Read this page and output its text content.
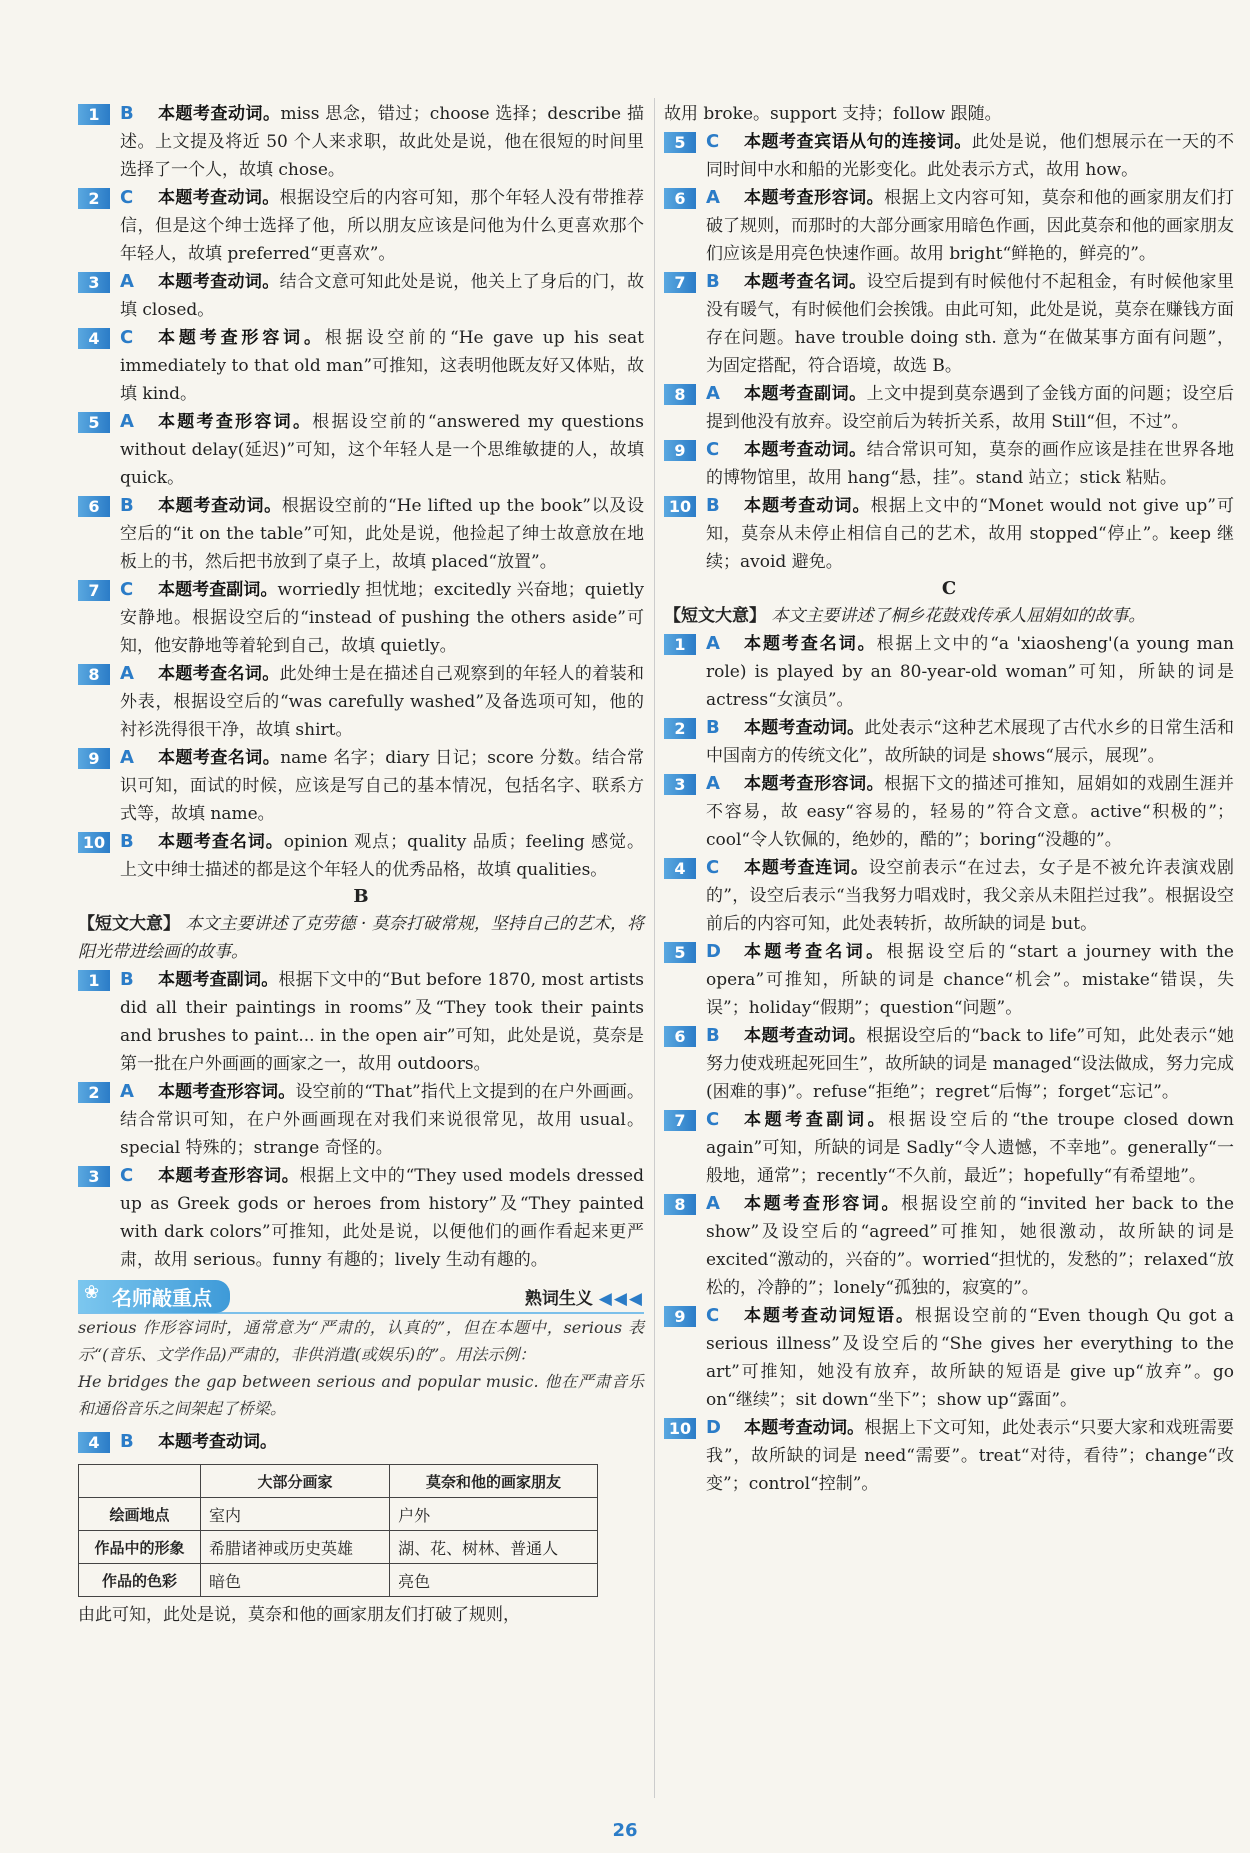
1	B	本题考查动词。miss 思念，错过；choose 选择；describe 描述。上文提及将近 50 个人来求职，故此处是说，他在很短的时间里选择了一个人，故填 chose。
2	C	本题考查动词。根据设空后的内容可知，那个年轻人没有带推荐信，但是这个绅士选择了他，所以朋友应该是问他为什么更喜欢那个年轻人，故填 preferred“更喜欢”。
3	A	本题考查动词。结合文意可知此处是说，他关上了身后的门，故填 closed。
4	C	本题考查形容词。根据设空前的“He gave up his seat immediately to that old man”可推知，这表明他既友好又体贴，故填 kind。
5	A	本题考查形容词。根据设空前的“answered my questions without delay(延迟)”可知，这个年轻人是一个思维敏捷的人，故填 quick。
6	B	本题考查动词。根据设空前的“He lifted up the book”以及设空后的“it on the table”可知，此处是说，他捡起了绅士故意放在地板上的书，然后把书放到了桌子上，故填 placed“放置”。
7	C	本题考查副词。worriedly 担忧地；excitedly 兴奋地；quietly 安静地。根据设空后的“instead of pushing the others aside”可知，他安静地等着轮到自己，故填 quietly。
8	A	本题考查名词。此处绅士是在描述自己观察到的年轻人的着装和外表，根据设空后的“was carefully washed”及备选项可知，他的衬衫洗得很干净，故填 shirt。
9	A	本题考查名词。name 名字；diary 日记；score 分数。结合常识可知，面试的时候，应该是写自己的基本情况，包括名字、联系方式等，故填 name。
10 B	本题考查名词。opinion 观点；quality 品质；feeling 感觉。上文中绅士描述的都是这个年轻人的优秀品格，故填 qualities。
B
【短文大意】 本文主要讲述了克劳德 · 莫奈打破常规，坚持自己的艺术，将阳光带进绘画的故事。
1	B	本题考查副词。根据下文中的“But before 1870, most artists did all their paintings in rooms”及“They took their paints and brushes to paint... in the open air”可知，此处是说，莫奈是第一批在户外画画的画家之一，故用 outdoors。
2	A	本题考查形容词。设空前的“That”指代上文提到的在户外画画。结合常识可知，在户外画画现在对我们来说很常见，故用 usual。special 特殊的；strange 奇怪的。
3	C	本题考查形容词。根据上文中的“They used models dressed up as Greek gods or heroes from history”及“They painted with dark colors”可推知，此处是说，以便他们的画作看起来更严肃，故用 serious。funny 有趣的；lively 生动有趣的。
❀ 名师敲重点	熟词生义 ◀◀◀
serious 作形容词时，通常意为“严肃的，认真的”，但在本题中，serious 表示“(音乐、文学作品)严肃的，非供消遣(或娱乐)的”。用法示例：
He bridges the gap between serious and popular music. 他在严肃音乐和通俗音乐之间架起了桥梁。
4	B	本题考查动词。
	大部分画家	莫奈和他的画家朋友
绘画地点	室内	户外
作品中的形象	希腊诸神或历史英雄	湖、花、树林、普通人
作品的色彩	暗色	亮色
由此可知，此处是说，莫奈和他的画家朋友们打破了规则，
故用 broke。support 支持；follow 跟随。
5	C	本题考查宾语从句的连接词。此处是说，他们想展示在一天的不同时间中水和船的光影变化。此处表示方式，故用 how。
6	A	本题考查形容词。根据上文内容可知，莫奈和他的画家朋友们打破了规则，而那时的大部分画家用暗色作画，因此莫奈和他的画家朋友们应该是用亮色快速作画。故用 bright“鲜艳的，鲜亮的”。
7	B	本题考查名词。设空后提到有时候他付不起租金，有时候他家里没有暖气，有时候他们会挨饿。由此可知，此处是说，莫奈在赚钱方面存在问题。have trouble doing sth. 意为“在做某事方面有问题”，为固定搭配，符合语境，故选 B。
8	A	本题考查副词。上文中提到莫奈遇到了金钱方面的问题；设空后提到他没有放弃。设空前后为转折关系，故用 Still“但，不过”。
9	C	本题考查动词。结合常识可知，莫奈的画作应该是挂在世界各地的博物馆里，故用 hang“悬，挂”。stand 站立；stick 粘贴。
10 B	本题考查动词。根据上文中的“Monet would not give up”可知，莫奈从未停止相信自己的艺术，故用 stopped“停止”。keep 继续；avoid 避免。
C
【短文大意】 本文主要讲述了桐乡花鼓戏传承人屈娟如的故事。
1	A	本题考查名词。根据上文中的“a 'xiaosheng'(a young man role) is played by an 80-year-old woman”可知，所缺的词是 actress“女演员”。
2	B	本题考查动词。此处表示“这种艺术展现了古代水乡的日常生活和中国南方的传统文化”，故所缺的词是 shows“展示，展现”。
3	A	本题考查形容词。根据下文的描述可推知，屈娟如的戏剧生涯并不容易，故 easy“容易的，轻易的”符合文意。active“积极的”；cool“令人钦佩的，绝妙的，酷的”；boring“没趣的”。
4	C	本题考查连词。设空前表示“在过去，女子是不被允许表演戏剧的”，设空后表示“当我努力唱戏时，我父亲从未阻拦过我”。根据设空前后的内容可知，此处表转折，故所缺的词是 but。
5	D	本题考查名词。根据设空后的“start a journey with the opera”可推知，所缺的词是 chance“机会”。mistake“错误，失误”；holiday“假期”；question“问题”。
6	B	本题考查动词。根据设空后的“back to life”可知，此处表示“她努力使戏班起死回生”，故所缺的词是 managed“设法做成，努力完成(困难的事)”。refuse“拒绝”；regret“后悔”；forget“忘记”。
7	C	本题考查副词。根据设空后的“the troupe closed down again”可知，所缺的词是 Sadly“令人遗憾，不幸地”。generally“一般地，通常”；recently“不久前，最近”；hopefully“有希望地”。
8	A	本题考查形容词。根据设空前的“invited her back to the show”及设空后的“agreed”可推知，她很激动，故所缺的词是 excited“激动的，兴奋的”。worried“担忧的，发愁的”；relaxed“放松的，冷静的”；lonely“孤独的，寂寞的”。
9	C	本题考查动词短语。根据设空前的“Even though Qu got a serious illness”及设空后的“She gives her everything to the art”可推知，她没有放弃，故所缺的短语是 give up“放弃”。go on“继续”；sit down“坐下”；show up“露面”。
10 D	本题考查动词。根据上下文可知，此处表示“只要大家和戏班需要我”，故所缺的词是 need“需要”。treat“对待，看待”；change“改变”；control“控制”。
26
